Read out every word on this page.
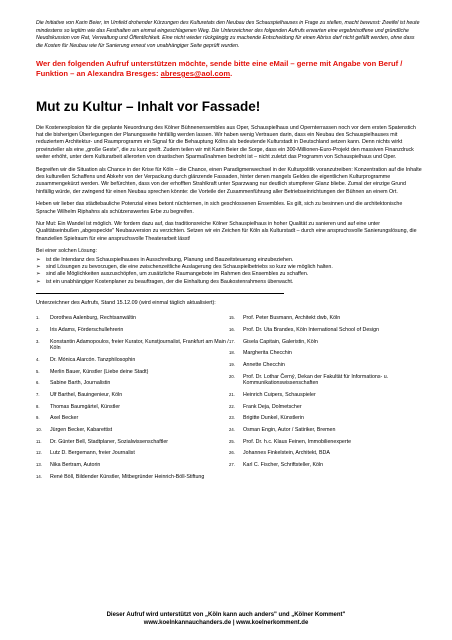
Die Initiative von Karin Beier, im Umfeld drohender Kürzungen des Kulturetats den Neubau des Schauspielhauses in Frage zu stellen, macht bewusst: Zweifel ist heute mindestens so legitim wie das Festhalten am einmal eingeschlagenen Weg. Die Unterzeichner des folgenden Aufrufs erwarten eine ergebnisoffene und gründliche Neudiskussion von Rat, Verwaltung und Öffentlichkeit. Eine nicht wieder rückgängig zu machende Entscheidung für einen Abriss darf nicht gefällt werden, ohne dass die Kosten für Neubau wie für Sanierung erneut von unabhängiger Seite geprüft wurden.

Wer den folgenden Aufruf unterstützen möchte, sende bitte eine eMail – gerne mit Angabe von Beruf / Funktion – an Alexandra Bresges: abresges@aol.com.
Mut zu Kultur – Inhalt vor Fassade!

Die Kostenexplosion für die geplante Neuordnung des Kölner Bühnenensembles aus Oper, Schauspielhaus und Opernterrassen noch vor dem ersten Spatenstich hat die bisherigen Überlegungen der Planungsseite hinfällig werden lassen. Wir haben wenig Vertrauen darin, dass ein Neubau des Schauspielhauses mit reduziertem Architektur- und Raumprogramm ein Signal für die Behauptung Kölns als bedeutende Kulturstadt in Deutschland setzen kann. Denn nichts wirkt provinzieller als eine „große Geste", die zu kurz greift. Zudem teilen wir mit Karin Beier die Sorge, dass ein 300-Millionen-Euro-Projekt den massiven Finanzdruck weiter erhöht, unter dem Kulturarbeit allerorten von drastischen Sparmaßnahmen bedroht ist – nicht zuletzt das Programm von Schauspielhaus und Oper.

Begreifen wir die Situation als Chance in der Krise für Köln – die Chance, einen Paradigmenwechsel in der Kulturpolitik voranzutreiben: Konzentration auf die Inhalte des kulturellen Schaffens und Abkehr von der Verpackung durch glänzende Fassaden, hinter denen mangels Geldes die eigentlichen Kulturprogramme zusammengekürzt werden. Wir befürchten, dass von der erhofften Strahlkraft unter Sparzwang nur deutlich stumpferer Glanz bliebe. Zumal der einzige Grund hinfällig würde, der zwingend für einen Neubau sprechen könnte: die Vorteile der Zusammenführung aller Betriebseinrichtungen der Bühnen an einem Ort.

Heben wir lieber das städtebauliche Potenzial eines betont nüchternen, in sich geschlossenen Ensembles. Es gilt, sich zu besinnen und die architektonische Sprache Wilhelm Riphahns als schützenswertes Erbe zu begreifen.

Nur Mut: Ein Wandel ist möglich. Wir fordern dazu auf, das traditionsreiche Kölner Schauspielhaus in hoher Qualität zu sanieren und auf eine unter Qualitätseinbußen „abgespeckte" Neubauversion zu verzichten. Setzen wir ein Zeichen für Köln als Kulturstadt – durch eine anspruchsvolle Sanierungslösung, die finanziellen Spielraum für eine anspruchsvolle Theaterarbeit lässt!

Bei einer solchen Lösung:

➢ ist die Intendanz des Schauspielhauses in Ausschreibung, Planung und Bauzeitsteuerung einzubeziehen.
➢ sind Lösungen zu bevorzugen, die eine zwischenzeitliche Auslagerung des Schauspielbetriebs so kurz wie möglich halten.
➢ sind alle Möglichkeiten auszuschöpfen, um zusätzliche Raumangebote im Rahmen des Ensembles zu schaffen.
➢ ist ein unabhängiger Kostenplaner zu beauftragen, der die Einhaltung des Baukostenrahmens überwacht.
Unterzeichner des Aufrufs, Stand 15.12.09 (wird einmal täglich aktualisiert):
1.	Dorothea Aalenburg, Rechtsanwältin
2.	Iris Adams, Förderschullehrerin
3.	Konstantin Adamopoulos, freier Kurator, Kunstjournalist, Frankfurt am Main / Köln
4.	Dr. Mónica Alarcón. Tanzphilosophin
5.	Merlin Bauer, Künstler (Liebe deine Stadt)
6.	Sabine Barth, Journalistin
7.	Ulf Barthel, Bauingenieur, Köln
8.	Thomas Baumgärtel, Künstler
9.	Axel Becker
10.	Jürgen Becker, Kabarettist
11.	Dr. Günter Bell, Stadtplaner, Sozialwissenschaftler
12.	Lutz D. Bergemann, freier Journalist
13.	Nika Bertram, Autorin
14.	René Böll, Bildender Künstler, Mitbegründer Heinrich-Böll-Stiftung
15.	Prof. Peter Busmann, Architekt dwb, Köln
16.	Prof. Dr. Uta Brandes, Köln International School of Design
17.	Gisela Capitain, Galeristin, Köln
18.	Margherita Checchin
19.	Annette Checchin
20.	Prof. Dr. Lothar Černý, Dekan der Fakultät für Informations- u. Kommunikationswissenschaften
21.	Heinrich Cuipers, Schauspieler
22.	Frank Deja, Dolmetscher
23.	Brigitte Dunkel, Künstlerin
24.	Osman Engin, Autor / Satiriker, Bremen
25.	Prof. Dr. h.c. Klaus Feinen, Immobilienexperte
26.	Johannes Finkelstein, Architekt, BDA
27.	Karl C. Fischer, Schriftsteller, Köln
Dieser Aufruf wird unterstützt von „Köln kann auch anders" und „Kölner Komment"
www.koelnkannauchanders.de | www.koelnerkomment.de
